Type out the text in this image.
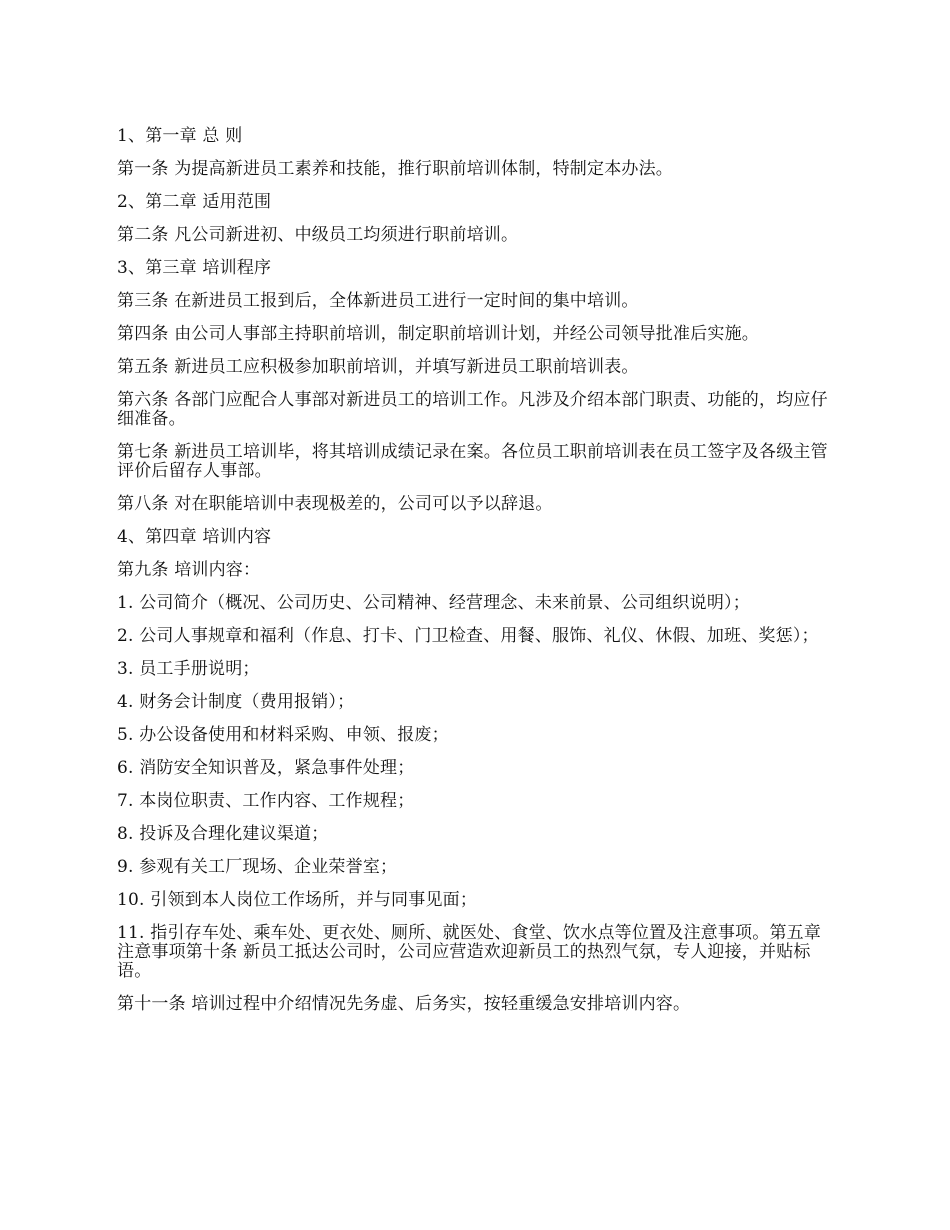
1、第一章 总 则

第一条 为提高新进员工素养和技能，推行职前培训体制，特制定本办法。

2、第二章 适用范围

第二条 凡公司新进初、中级员工均须进行职前培训。

3、第三章 培训程序

第三条 在新进员工报到后，全体新进员工进行一定时间的集中培训。

第四条 由公司人事部主持职前培训，制定职前培训计划，并经公司领导批准后实施。

第五条 新进员工应积极参加职前培训，并填写新进员工职前培训表。

第六条 各部门应配合人事部对新进员工的培训工作。凡涉及介绍本部门职责、功能的，均应仔细准备。

第七条 新进员工培训毕，将其培训成绩记录在案。各位员工职前培训表在员工签字及各级主管评价后留存人事部。

第八条 对在职能培训中表现极差的，公司可以予以辞退。

4、第四章 培训内容

第九条 培训内容：

1. 公司简介（概况、公司历史、公司精神、经营理念、未来前景、公司组织说明）；

2. 公司人事规章和福利（作息、打卡、门卫检查、用餐、服饰、礼仪、休假、加班、奖惩）；

3. 员工手册说明；

4. 财务会计制度（费用报销）；

5. 办公设备使用和材料采购、申领、报废；

6. 消防安全知识普及，紧急事件处理；

7. 本岗位职责、工作内容、工作规程；

8. 投诉及合理化建议渠道；

9. 参观有关工厂现场、企业荣誉室；

10. 引领到本人岗位工作场所，并与同事见面；

11. 指引存车处、乘车处、更衣处、厕所、就医处、食堂、饮水点等位置及注意事项。第五章 注意事项第十条 新员工抵达公司时，公司应营造欢迎新员工的热烈气氛，专人迎接，并贴标语。

第十一条 培训过程中介绍情况先务虚、后务实，按轻重缓急安排培训内容。
